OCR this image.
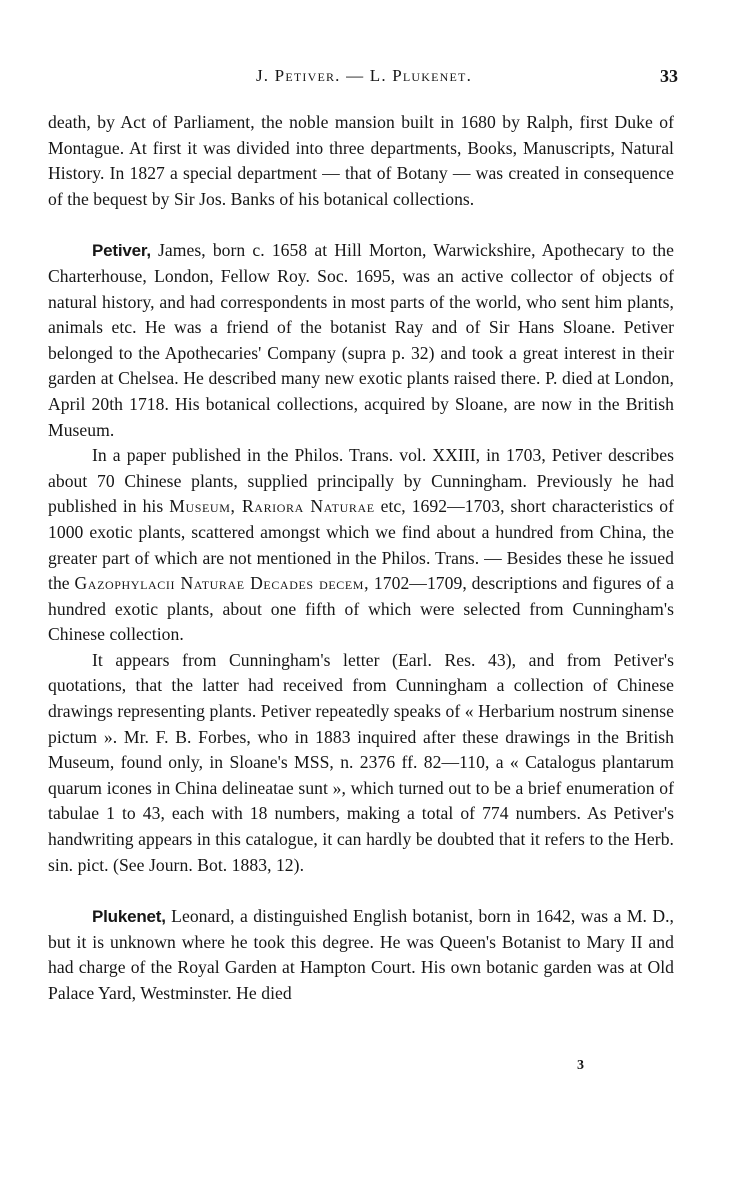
J. Petiver. — L. Plukenet.	33

death, by Act of Parliament, the noble mansion built in 1680 by Ralph, first Duke of Montague. At first it was divided into three departments, Books, Manuscripts, Natural History. In 1827 a special department — that of Botany — was created in consequence of the bequest by Sir Jos. Banks of his botanical collections.

Petiver, James, born c. 1658 at Hill Morton, Warwickshire, Apothecary to the Charterhouse, London, Fellow Roy. Soc. 1695, was an active collector of objects of natural history, and had correspondents in most parts of the world, who sent him plants, animals etc. He was a friend of the botanist Ray and of Sir Hans Sloane. Petiver belonged to the Apothecaries' Company (supra p. 32) and took a great interest in their garden at Chelsea. He described many new exotic plants raised there. P. died at London, April 20th 1718. His botanical collections, acquired by Sloane, are now in the British Museum.

In a paper published in the Philos. Trans. vol. XXIII, in 1703, Petiver describes about 70 Chinese plants, supplied principally by Cunningham. Previously he had published in his Museum, Rariora Naturae etc, 1692—1703, short characteristics of 1000 exotic plants, scattered amongst which we find about a hundred from China, the greater part of which are not mentioned in the Philos. Trans. — Besides these he issued the Gazophylacii Naturae Decades decem, 1702—1709, descriptions and figures of a hundred exotic plants, about one fifth of which were selected from Cunningham's Chinese collection.

It appears from Cunningham's letter (Earl. Res. 43), and from Petiver's quotations, that the latter had received from Cunningham a collection of Chinese drawings representing plants. Petiver repeatedly speaks of « Herbarium nostrum sinense pictum ». Mr. F. B. Forbes, who in 1883 inquired after these drawings in the British Museum, found only, in Sloane's MSS, n. 2376 ff. 82—110, a « Catalogus plantarum quarum icones in China delineatae sunt », which turned out to be a brief enumeration of tabulae 1 to 43, each with 18 numbers, making a total of 774 numbers. As Petiver's handwriting appears in this catalogue, it can hardly be doubted that it refers to the Herb. sin. pict. (See Journ. Bot. 1883, 12).

Plukenet, Leonard, a distinguished English botanist, born in 1642, was a M. D., but it is unknown where he took this degree. He was Queen's Botanist to Mary II and had charge of the Royal Garden at Hampton Court. His own botanic garden was at Old Palace Yard, Westminster. He died

3
